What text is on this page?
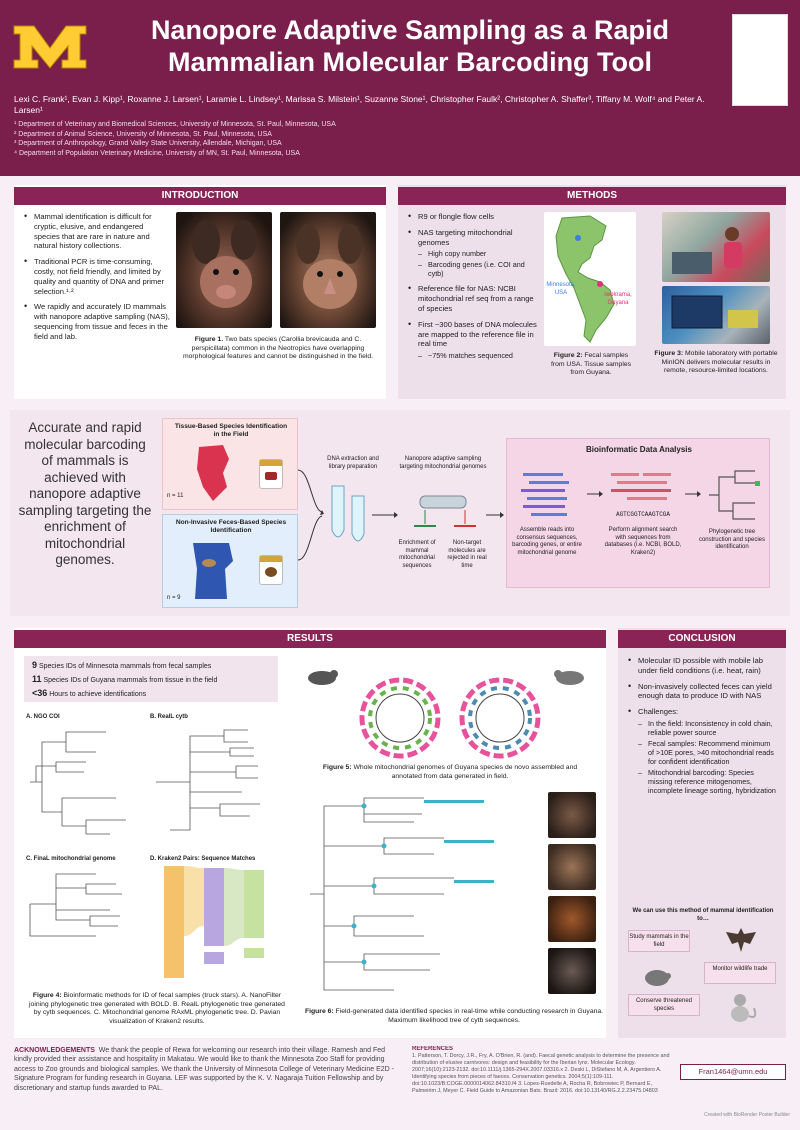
Nanopore Adaptive Sampling as a Rapid
Mammalian Molecular Barcoding Tool
Lexi C. Frank¹, Evan J. Kipp¹, Roxanne J. Larsen¹, Laramie L. Lindsey¹, Marissa S. Milstein¹, Suzanne Stone¹, Christopher Faulk², Christopher A. Shaffer³, Tiffany M. Wolf⁴ and Peter A. Larsen¹
¹ Department of Veterinary and Biomedical Sciences, University of Minnesota, St. Paul, Minnesota, USA
² Department of Animal Science, University of Minnesota, St. Paul, Minnesota, USA
³ Department of Anthropology, Grand Valley State University, Allendale, Michigan, USA
⁴ Department of Population Veterinary Medicine, University of MN, St. Paul, Minnesota, USA
INTRODUCTION
• Mammal identification is difficult for cryptic, elusive, and endangered species that are rare in nature and natural history collections.
• Traditional PCR is time-consuming, costly, not field friendly, and limited by quality and quantity of DNA and primer selection.¹·²
• We rapidly and accurately ID mammals with nanopore adaptive sampling (NAS), sequencing from tissue and feces in the field and lab.	Figure 1. Two bats species (Carollia brevicauda and C. perspicillata) common in the Neotropics have overlapping morphological features and cannot be distinguished in the field.
METHODS
• R9 or flongle flow cells
• NAS targeting mitochondrial genomes
– High copy number
– Barcoding genes (i.e. COI and cytb)
• Reference file for NAS: NCBI mitochondrial ref seq from a range of species
• First ~300 bases of DNA molecules are mapped to the reference file in real time
– ~75% matches sequenced
Minnesota, USA	Iwokrama, Guyana
Figure 2: Fecal samples from USA. Tissue samples from Guyana.
Figure 3: Mobile laboratory with portable MinION delivers molecular results in remote, resource-limited locations.
Accurate and rapid molecular barcoding of mammals is achieved with nanopore adaptive sampling targeting the enrichment of mitochondrial genomes.
Tissue-Based Species Identification in the Field
n = 11
Non-Invasive Feces-Based Species Identification
n = 9
DNA extraction and library preparation
Nanopore adaptive sampling targeting mitochondrial genomes
Enrichment of mammal mitochondrial sequences
Non-target molecules are rejected in real time
Bioinformatic Data Analysis
Assemble reads into consensus sequences, barcoding genes, or entire mitochondrial genome
AGTCGGTCAAGTCGA
Perform alignment search with sequences from databases (i.e. NCBI, BOLD, Kraken2)
Phylogenetic tree construction and species identification
RESULTS
9 Species IDs of Minnesota mammals from fecal samples
11 Species IDs of Guyana mammals from tissue in the field
<36 Hours to achieve identifications
A. NGO COI	B. RealL cytb
C. FinaL mitochondrial genome	D. Kraken2 Pairs: Sequence Matches
Figure 4: Bioinformatic methods for ID of fecal samples (truck stars). A. NanoFilter joining phylogenetic tree generated with BOLD. B. RealL phylogenetic tree generated by cytb sequences. C. Mitochondrial genome RAxML phylogenetic tree. D. Pavian visualization of Kraken2 results.
Figure 5: Whole mitochondrial genomes of Guyana species de novo assembled and annotated from data generated in field.
Figure 6: Field-generated data identified species in real-time while conducting research in Guyana. Maximum likelihood tree of cytb sequences.
CONCLUSION
• Molecular ID possible with mobile lab under field conditions (i.e. heat, rain)
• Non-invasively collected feces can yield enough data to produce ID with NAS
• Challenges:
– In the field: Inconsistency in cold chain, reliable power source
– Fecal samples: Recommend minimum of >10E pores, >40 mitochondrial reads for confident identification
– Mitochondrial barcoding: Species missing reference mitogenomes, incomplete lineage sorting, hybridization
We can use this method of mammal identification to…
Study mammals in the field
Monitor wildlife trade
Conserve threatened species
ACKNOWLEDGEMENTS We thank the people of Rewa for welcoming our research into their village. Ramesh and Fed kindly provided their assistance and hospitality in Makatau. We would like to thank the Minnesota Zoo Staff for providing access to Zoo grounds and biological samples. We thank the University of Minnesota College of Veterinary Medicine E2D - Signature Program for funding research in Guyana. LEF was supported by the K. V. Nagaraja Tuition Fellowship and by discretionary and startup funds awarded to PAL.
REFERENCES
1. Patterson, T. Dorcy, J.R., Fry, A. O'Brien, R. (and). Faecal genetic analysis to determine the presence and distribution of elusive carnivores: design and feasibility for the Iberian lynx. Molecular Ecology. 2007;16(10):2123-2132. doi:10.1111/j.1365-294X.2007.03316.x 2. Deski L, DiStefano M, A. Argentiero A. Identifying species from pieces of faeces. Conservation genetics. 2004;5(1):109-111. doi:10.1023/B:COGE.0000014062.84310.f4 3. Lopes-Ruedelle A, Rocha R, Bobrowiec P, Bernard E, Palmeirim J, Meyer C. Field Guide to Amazonian Bats. Brazil: 2016. doi:10.13140/RG.2.2.23475.04803
Fran1464@umn.edu
Created with BioRender Poster Builder
